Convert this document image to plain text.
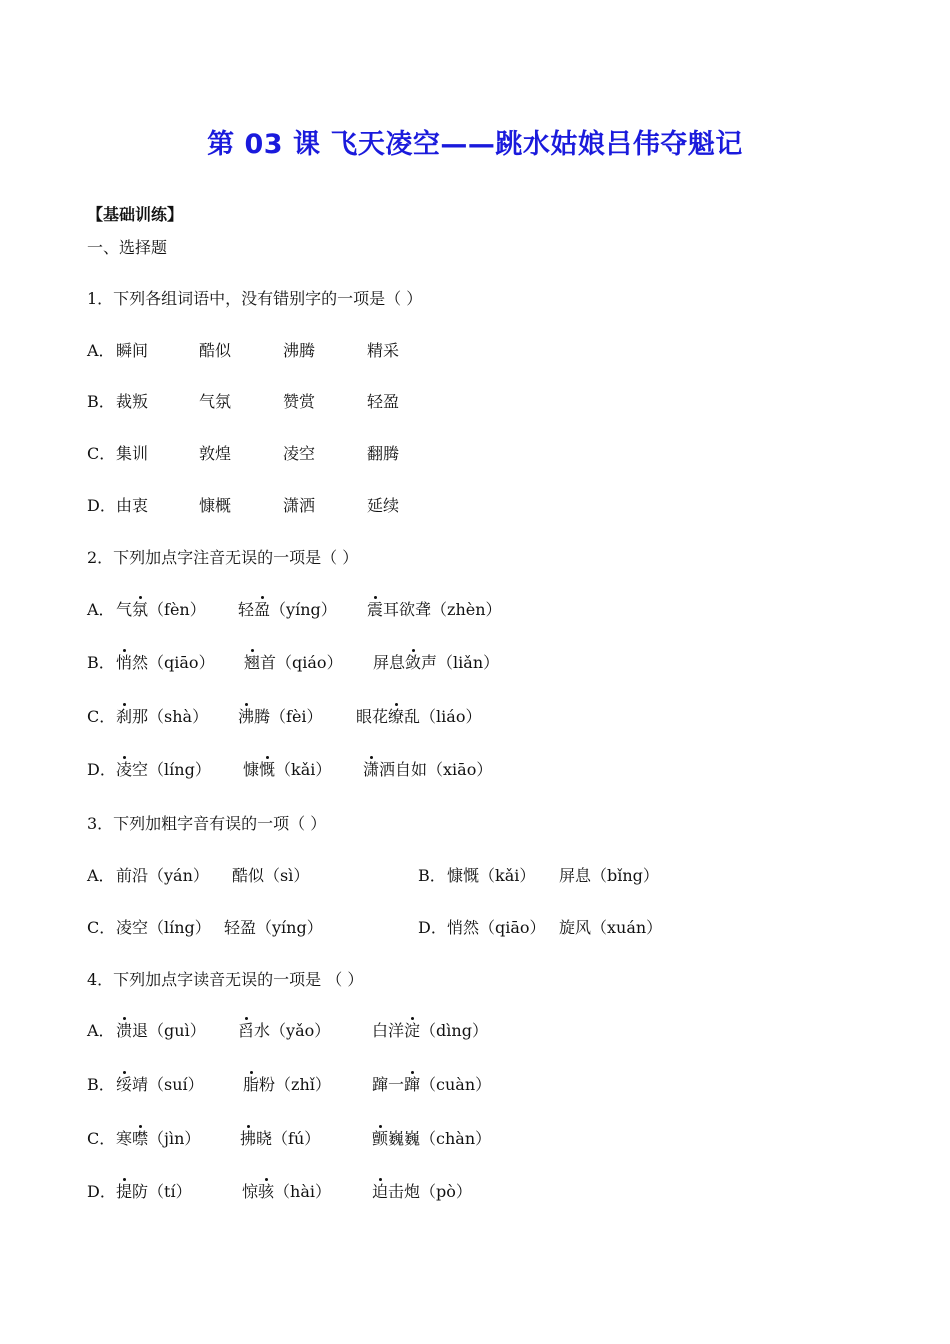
第 03 课 飞天凌空——跳水姑娘吕伟夺魁记
【基础训练】
一、选择题
1．下列各组词语中，没有错别字的一项是（ ）
A． 瞬间	酷似	沸腾	精采
B． 裁叛	气氛	赞赏	轻盈
C． 集训	敦煌	凌空	翻腾
D． 由衷	慷概	潇洒	延续
2．下列加点字注音无误的一项是（ ）
A． 气氛（fèn） 轻盈（yíng） 震耳欲聋（zhèn）
B． 悄然（qiāo） 翘首（qiáo） 屏息敛声（liǎn）
C． 刹那（shà） 沸腾（fèi） 眼花缭乱（liáo）
D． 凌空（líng） 慷慨（kǎi） 潇洒自如（xiāo）
3．下列加粗字音有误的一项（ ）
A． 前沿（yán） 酷似（sì）	B． 慷慨（kǎi） 屏息（bǐng）
C． 凌空（líng） 轻盈（yíng）	D． 悄然（qiāo） 旋风（xuán）
4．下列加点字读音无误的一项是 （ ）
A． 溃退（guì） 舀水（yǎo）	白洋淀（dìng）
B． 绥靖（suí） 脂粉（zhǐ）	蹿一蹿（cuàn）
C． 寒噤（jìn） 拂晓（fú）	颤巍巍（chàn）
D． 提防（tí）	惊骇（hài）	迫击炮（pò）
